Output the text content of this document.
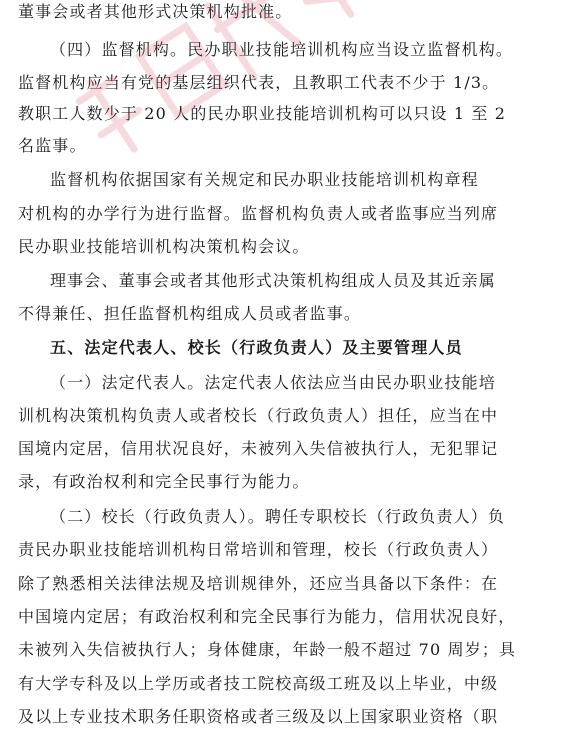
董事会或者其他形式决策机构批准。
（四）监督机构。民办职业技能培训机构应当设立监督机构。
监督机构应当有党的基层组织代表，且教职工代表不少于 1/3。
教职工人数少于 20 人的民办职业技能培训机构可以只设 1 至 2
名监事。
监督机构依据国家有关规定和民办职业技能培训机构章程
对机构的办学行为进行监督。监督机构负责人或者监事应当列席
民办职业技能培训机构决策机构会议。
理事会、董事会或者其他形式决策机构组成人员及其近亲属
不得兼任、担任监督机构组成人员或者监事。
五、法定代表人、校长（行政负责人）及主要管理人员
（一）法定代表人。法定代表人依法应当由民办职业技能培
训机构决策机构负责人或者校长（行政负责人）担任，应当在中
国境内定居，信用状况良好，未被列入失信被执行人，无犯罪记
录，有政治权利和完全民事行为能力。
（二）校长（行政负责人）。聘任专职校长（行政负责人）负
责民办职业技能培训机构日常培训和管理，校长（行政负责人）
除了熟悉相关法律法规及培训规律外，还应当具备以下条件：在
中国境内定居；有政治权利和完全民事行为能力，信用状况良好，
未被列入失信被执行人；身体健康，年龄一般不超过 70 周岁；具
有大学专科及以上学历或者技工院校高级工班及以上毕业，中级
及以上专业技术职务任职资格或者三级及以上国家职业资格（职
